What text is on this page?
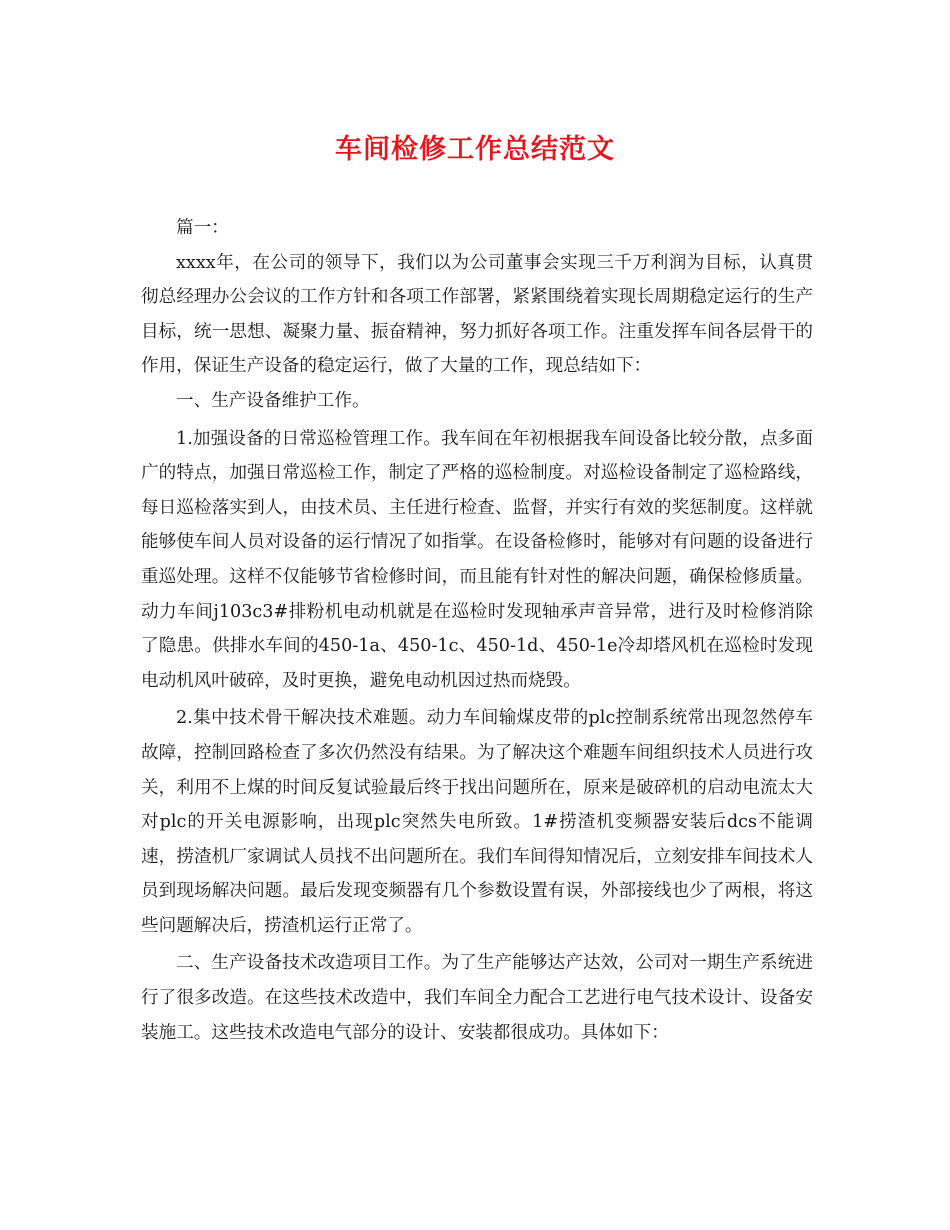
车间检修工作总结范文

篇一：

xxxx年，在公司的领导下，我们以为公司董事会实现三千万利润为目标，认真贯彻总经理办公会议的工作方针和各项工作部署，紧紧围绕着实现长周期稳定运行的生产目标，统一思想、凝聚力量、振奋精神，努力抓好各项工作。注重发挥车间各层骨干的作用，保证生产设备的稳定运行，做了大量的工作，现总结如下：

一、生产设备维护工作。

1.加强设备的日常巡检管理工作。我车间在年初根据我车间设备比较分散，点多面广的特点，加强日常巡检工作，制定了严格的巡检制度。对巡检设备制定了巡检路线，每日巡检落实到人，由技术员、主任进行检查、监督，并实行有效的奖惩制度。这样就能够使车间人员对设备的运行情况了如指掌。在设备检修时，能够对有问题的设备进行重巡处理。这样不仅能够节省检修时间，而且能有针对性的解决问题，确保检修质量。动力车间j103c3#排粉机电动机就是在巡检时发现轴承声音异常，进行及时检修消除了隐患。供排水车间的450-1a、450-1c、450-1d、450-1e冷却塔风机在巡检时发现电动机风叶破碎，及时更换，避免电动机因过热而烧毁。

2.集中技术骨干解决技术难题。动力车间输煤皮带的plc控制系统常出现忽然停车故障，控制回路检查了多次仍然没有结果。为了解决这个难题车间组织技术人员进行攻关，利用不上煤的时间反复试验最后终于找出问题所在，原来是破碎机的启动电流太大对plc的开关电源影响，出现plc突然失电所致。1#捞渣机变频器安装后dcs不能调速，捞渣机厂家调试人员找不出问题所在。我们车间得知情况后，立刻安排车间技术人员到现场解决问题。最后发现变频器有几个参数设置有误，外部接线也少了两根，将这些问题解决后，捞渣机运行正常了。

二、生产设备技术改造项目工作。为了生产能够达产达效，公司对一期生产系统进行了很多改造。在这些技术改造中，我们车间全力配合工艺进行电气技术设计、设备安装施工。这些技术改造电气部分的设计、安装都很成功。具体如下：
